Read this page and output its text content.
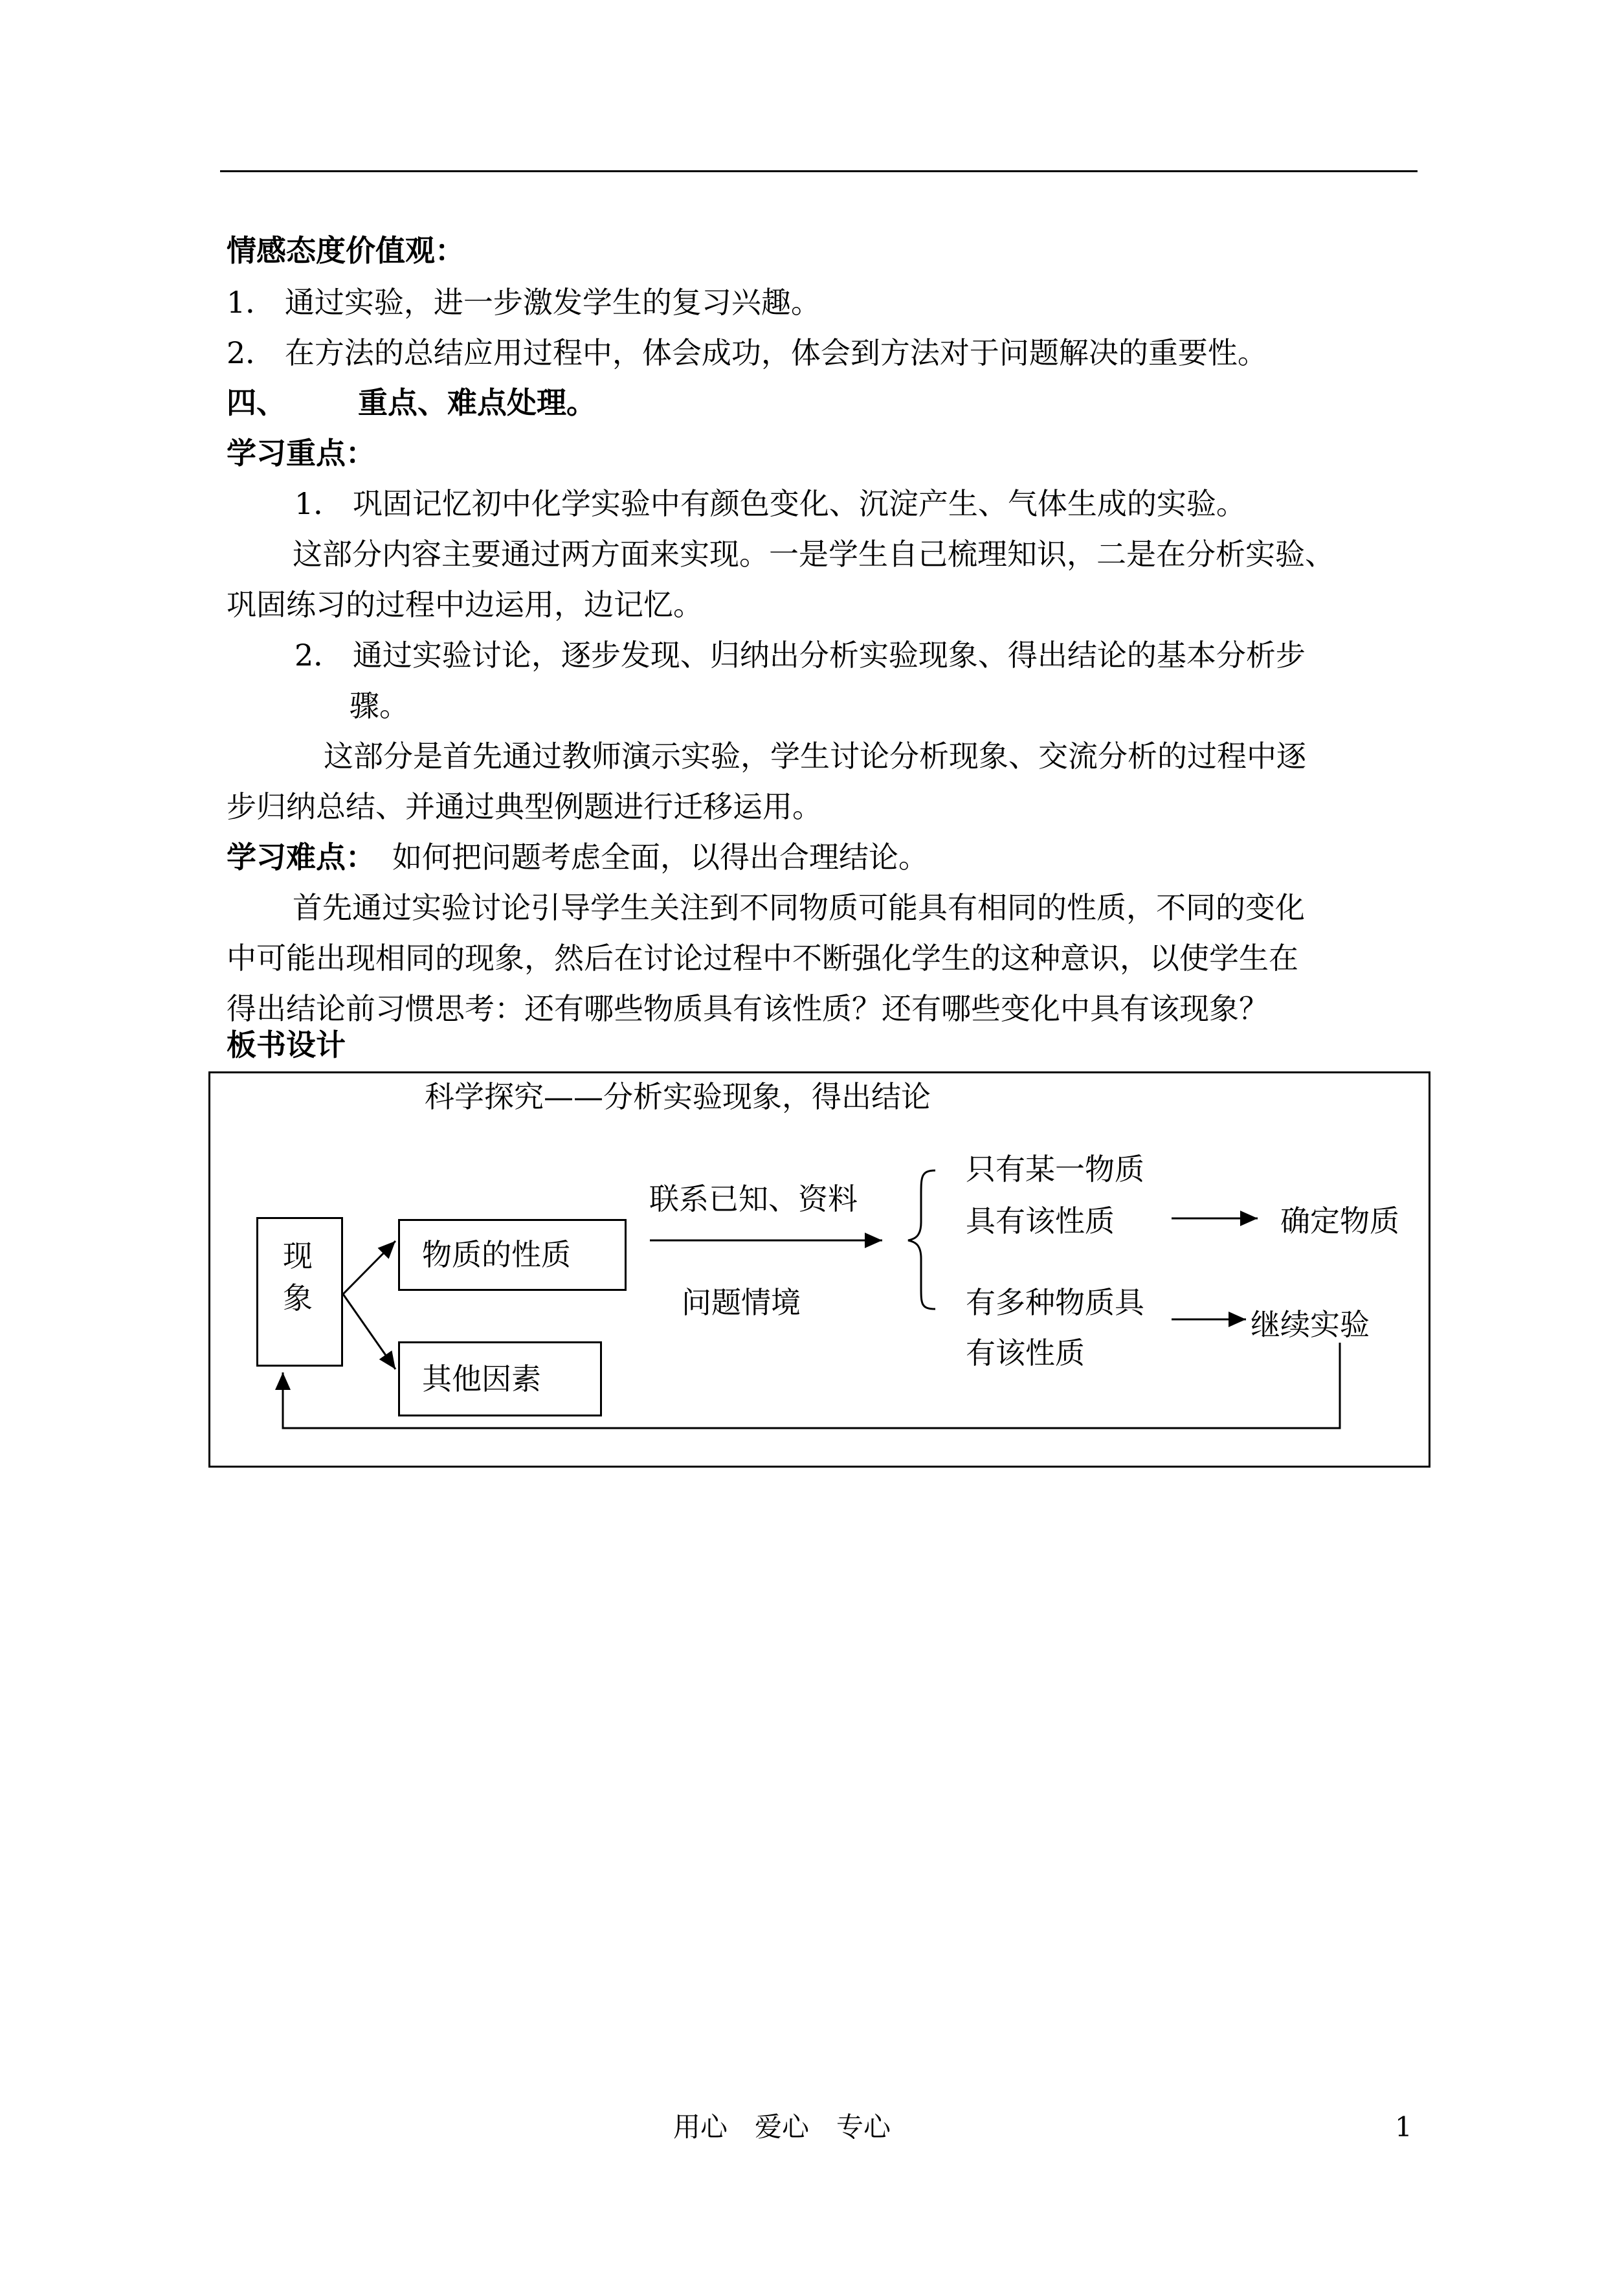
情感态度价值观：
1． 通过实验，进一步激发学生的复习兴趣。
2． 在方法的总结应用过程中，体会成功，体会到方法对于问题解决的重要性。
四、 重点、难点处理。
学习重点：
1． 巩固记忆初中化学实验中有颜色变化、沉淀产生、气体生成的实验。
这部分内容主要通过两方面来实现。一是学生自己梳理知识，二是在分析实验、
巩固练习的过程中边运用，边记忆。
2． 通过实验讨论，逐步发现、归纳出分析实验现象、得出结论的基本分析步
骤。
这部分是首先通过教师演示实验，学生讨论分析现象、交流分析的过程中逐
步归纳总结、并通过典型例题进行迁移运用。
学习难点： 如何把问题考虑全面，以得出合理结论。
首先通过实验讨论引导学生关注到不同物质可能具有相同的性质，不同的变化
中可能出现相同的现象，然后在讨论过程中不断强化学生的这种意识，以使学生在
得出结论前习惯思考：还有哪些物质具有该性质？还有哪些变化中具有该现象？
板书设计
科学探究——分析实验现象，得出结论
现
象
物质的性质
其他因素
联系已知、资料
问题情境
只有某一物质
具有该性质	确定物质
有多种物质具
有该性质
继续实验
用心　爱心　专心	1
